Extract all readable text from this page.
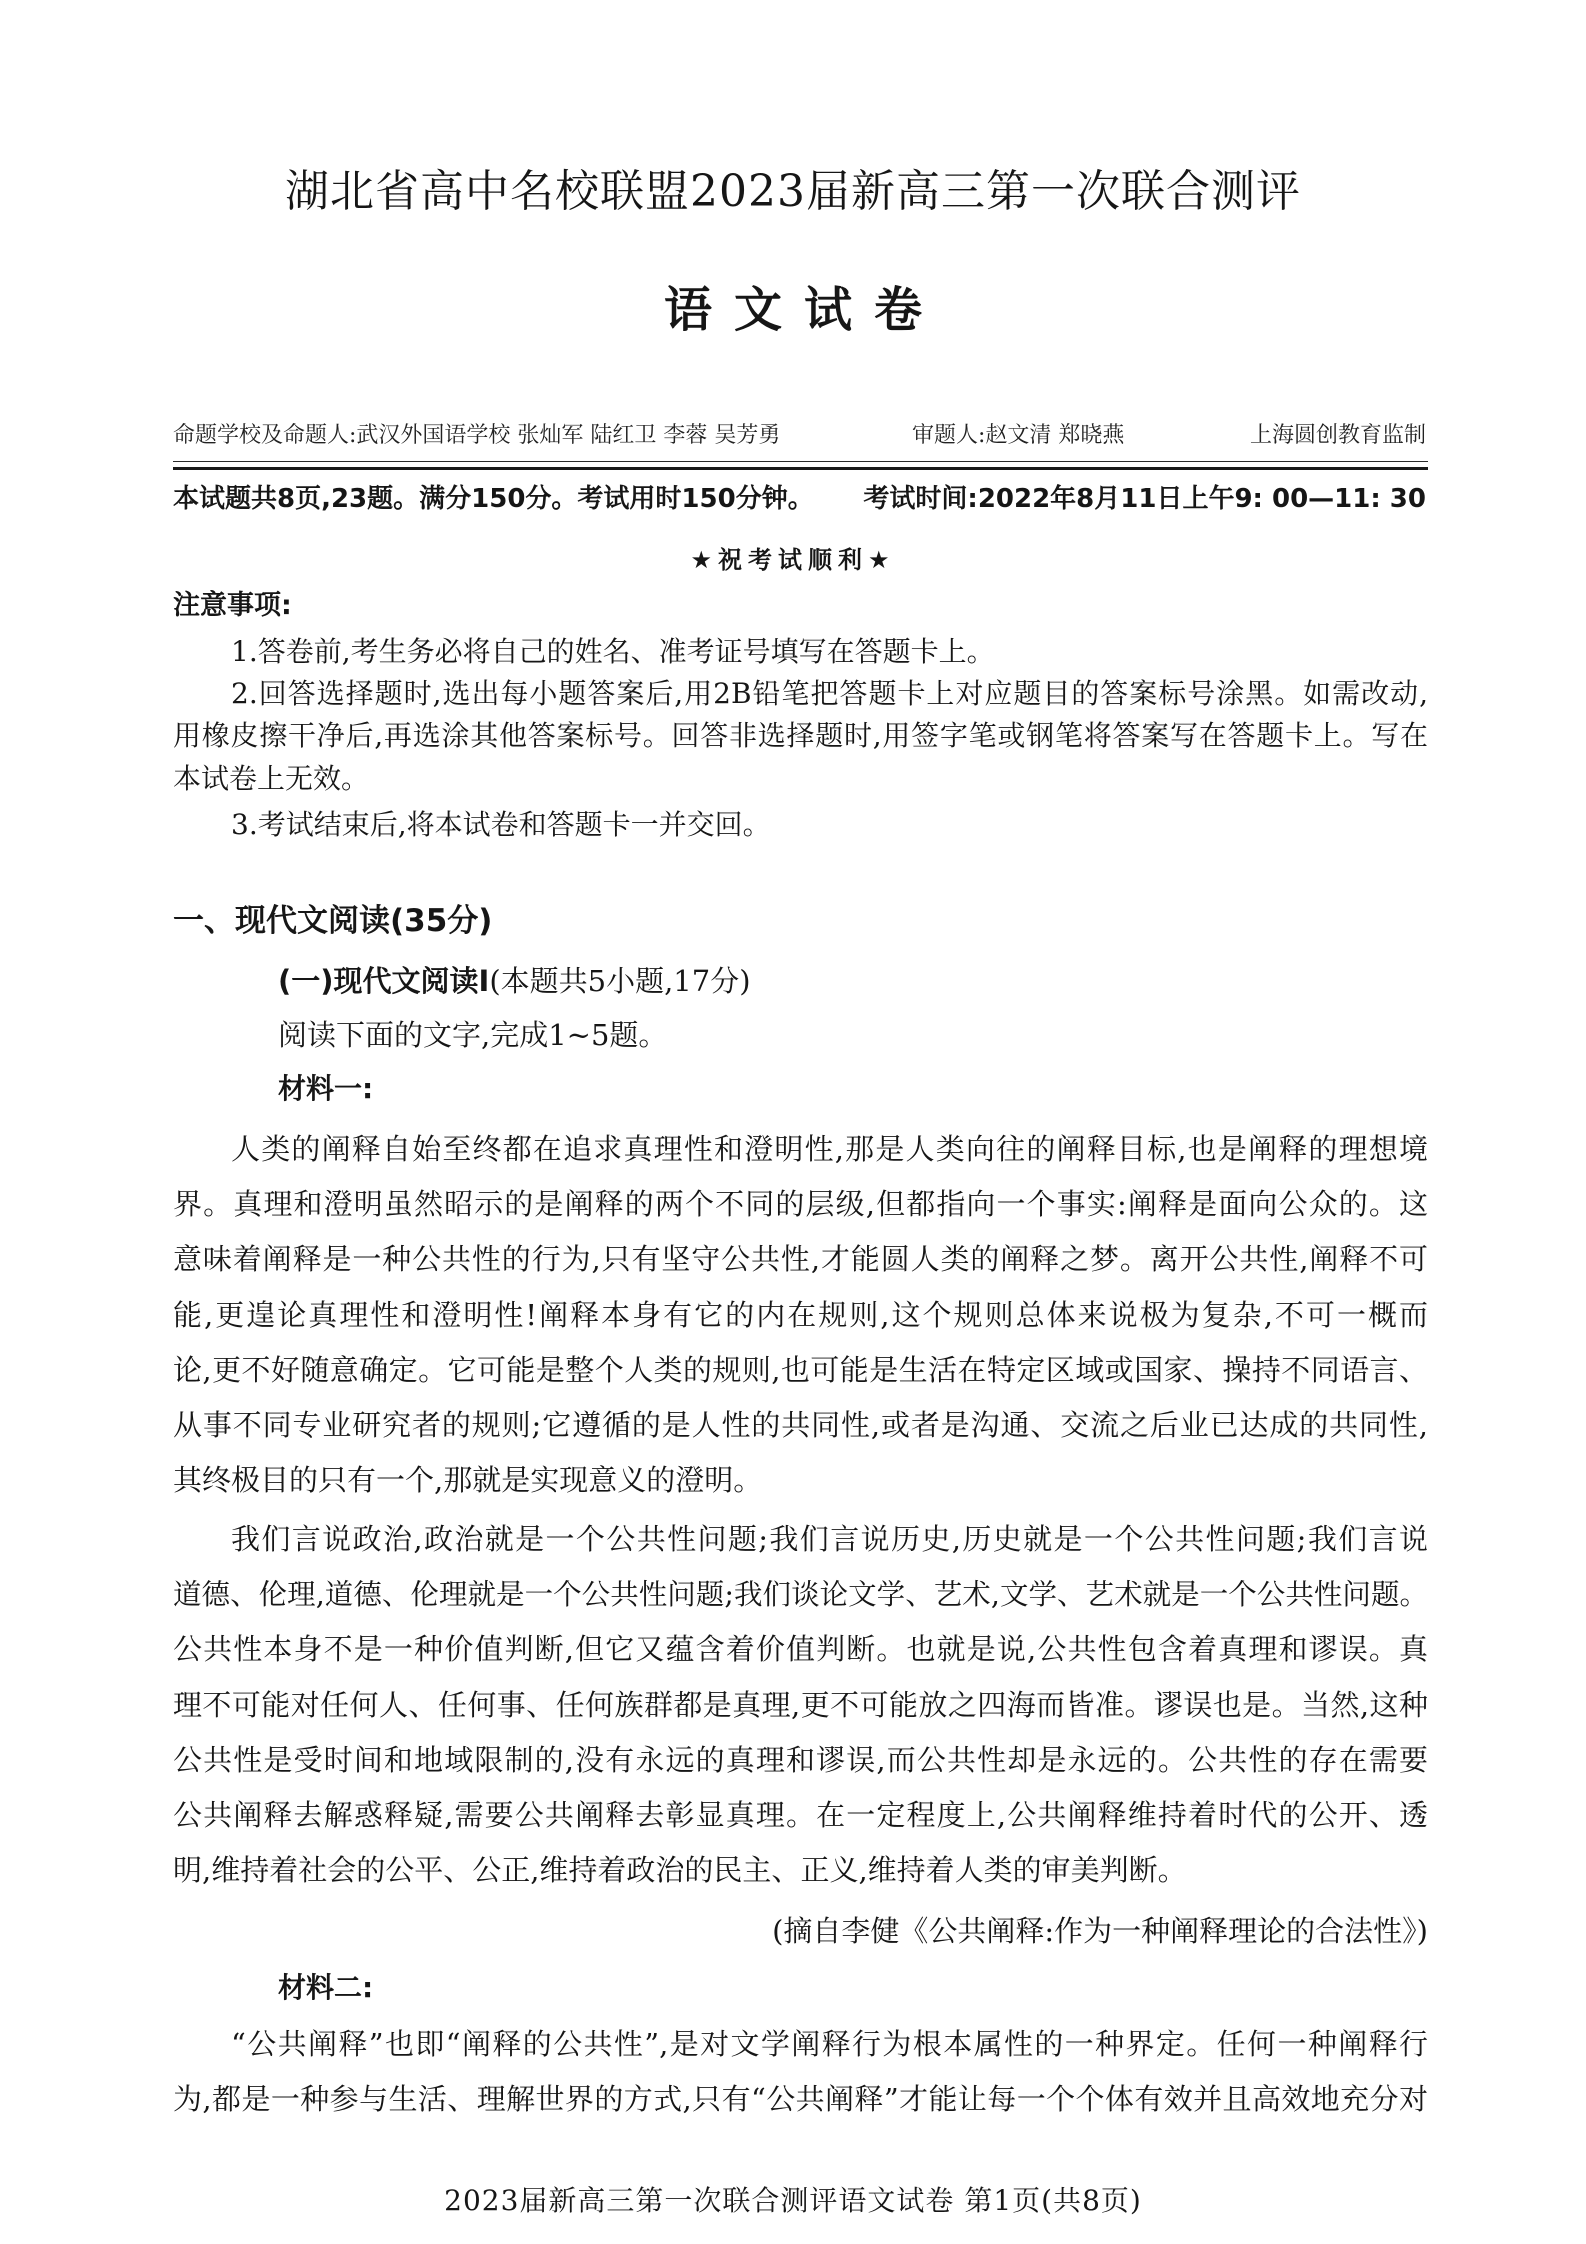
湖北省高中名校联盟2023届新高三第一次联合测评
语文试卷
命题学校及命题人:武汉外国语学校 张灿军 陆红卫 李蓉 吴芳勇	审题人:赵文清 郑晓燕	上海圆创教育监制
本试题共8页,23题。满分150分。考试用时150分钟。 考试时间:2022年8月11日上午9: 00—11: 30
★祝考试顺利★
注意事项:
1.答卷前,考生务必将自己的姓名、准考证号填写在答题卡上。
2.回答选择题时,选出每小题答案后,用2B铅笔把答题卡上对应题目的答案标号涂黑。如需改动,
用橡皮擦干净后,再选涂其他答案标号。回答非选择题时,用签字笔或钢笔将答案写在答题卡上。写在
本试卷上无效。
3.考试结束后,将本试卷和答题卡一并交回。
一、现代文阅读(35分)
(一)现代文阅读Ⅰ(本题共5小题,17分)
阅读下面的文字,完成1~5题。
材料一:
人类的阐释自始至终都在追求真理性和澄明性,那是人类向往的阐释目标,也是阐释的理想境
界。真理和澄明虽然昭示的是阐释的两个不同的层级,但都指向一个事实:阐释是面向公众的。这
意味着阐释是一种公共性的行为,只有坚守公共性,才能圆人类的阐释之梦。离开公共性,阐释不可
能,更遑论真理性和澄明性!阐释本身有它的内在规则,这个规则总体来说极为复杂,不可一概而
论,更不好随意确定。它可能是整个人类的规则,也可能是生活在特定区域或国家、操持不同语言、
从事不同专业研究者的规则;它遵循的是人性的共同性,或者是沟通、交流之后业已达成的共同性,
其终极目的只有一个,那就是实现意义的澄明。
我们言说政治,政治就是一个公共性问题;我们言说历史,历史就是一个公共性问题;我们言说
道德、伦理,道德、伦理就是一个公共性问题;我们谈论文学、艺术,文学、艺术就是一个公共性问题。
公共性本身不是一种价值判断,但它又蕴含着价值判断。也就是说,公共性包含着真理和谬误。真
理不可能对任何人、任何事、任何族群都是真理,更不可能放之四海而皆准。谬误也是。当然,这种
公共性是受时间和地域限制的,没有永远的真理和谬误,而公共性却是永远的。公共性的存在需要
公共阐释去解惑释疑,需要公共阐释去彰显真理。在一定程度上,公共阐释维持着时代的公开、透
明,维持着社会的公平、公正,维持着政治的民主、正义,维持着人类的审美判断。
(摘自李健《公共阐释:作为一种阐释理论的合法性》)
材料二:
“公共阐释”也即“阐释的公共性”,是对文学阐释行为根本属性的一种界定。任何一种阐释行
为,都是一种参与生活、理解世界的方式,只有“公共阐释”才能让每一个个体有效并且高效地充分对
2023届新高三第一次联合测评语文试卷 第1页(共8页)
